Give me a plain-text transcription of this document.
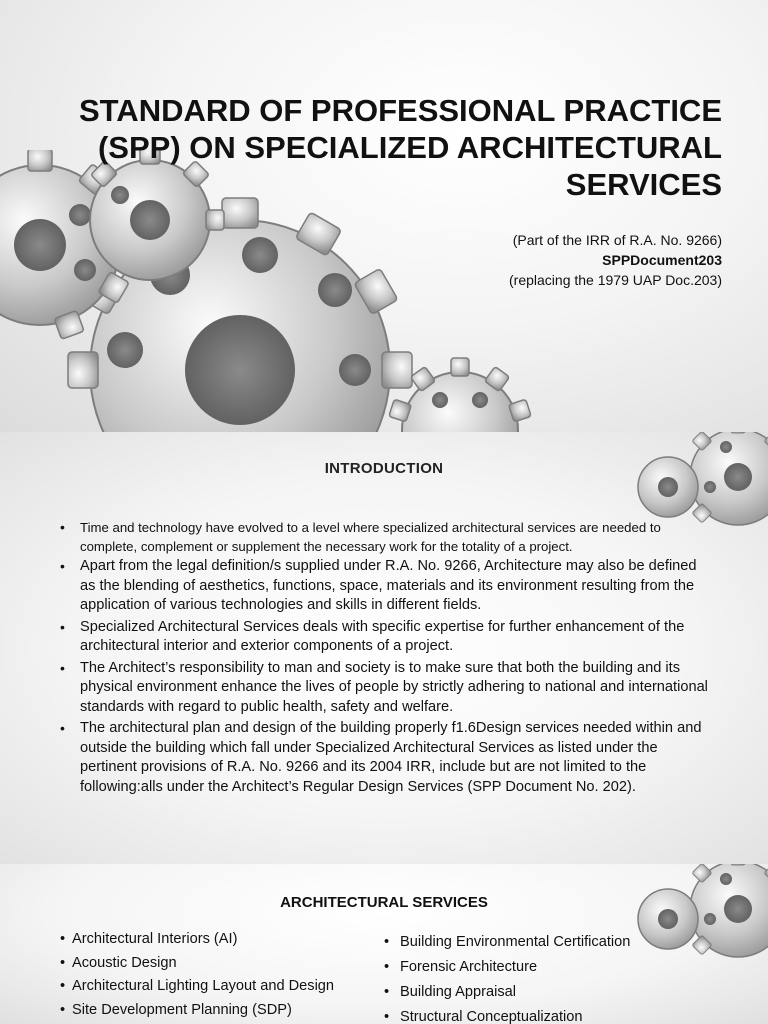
STANDARD OF PROFESSIONAL PRACTICE (SPP) ON SPECIALIZED ARCHITECTURAL SERVICES
(Part of the IRR of R.A. No. 9266)
SPPDocument203
(replacing the 1979 UAP Doc.203)
INTRODUCTION
• Time and technology have evolved to a level where specialized architectural services are needed to complete, complement or supplement the necessary work for the totality of a project.
• Apart from the legal definition/s supplied under R.A. No. 9266, Architecture may also be defined as the blending of aesthetics, functions, space, materials and its environment resulting from the application of various technologies and skills in different fields.
• Specialized Architectural Services deals with specific expertise for further enhancement of the architectural interior and exterior components of a project.
• The Architect’s responsibility to man and society is to make sure that both the building and its physical environment enhance the lives of people by strictly adhering to national and international standards with regard to public health, safety and welfare.
• The architectural plan and design of the building properly f1.6Design services needed within and outside the building which fall under Specialized Architectural Services as listed under the pertinent provisions of R.A. No. 9266 and its 2004 IRR, include but are not limited to the following:alls under the Architect’s Regular Design Services (SPP Document No. 202).
ARCHITECTURAL SERVICES
• Architectural Interiors (AI)
• Acoustic Design
• Architectural Lighting Layout and Design
• Site Development Planning (SDP)
• Building Environmental Certification
• Forensic Architecture
• Building Appraisal
• Structural Conceptualization
